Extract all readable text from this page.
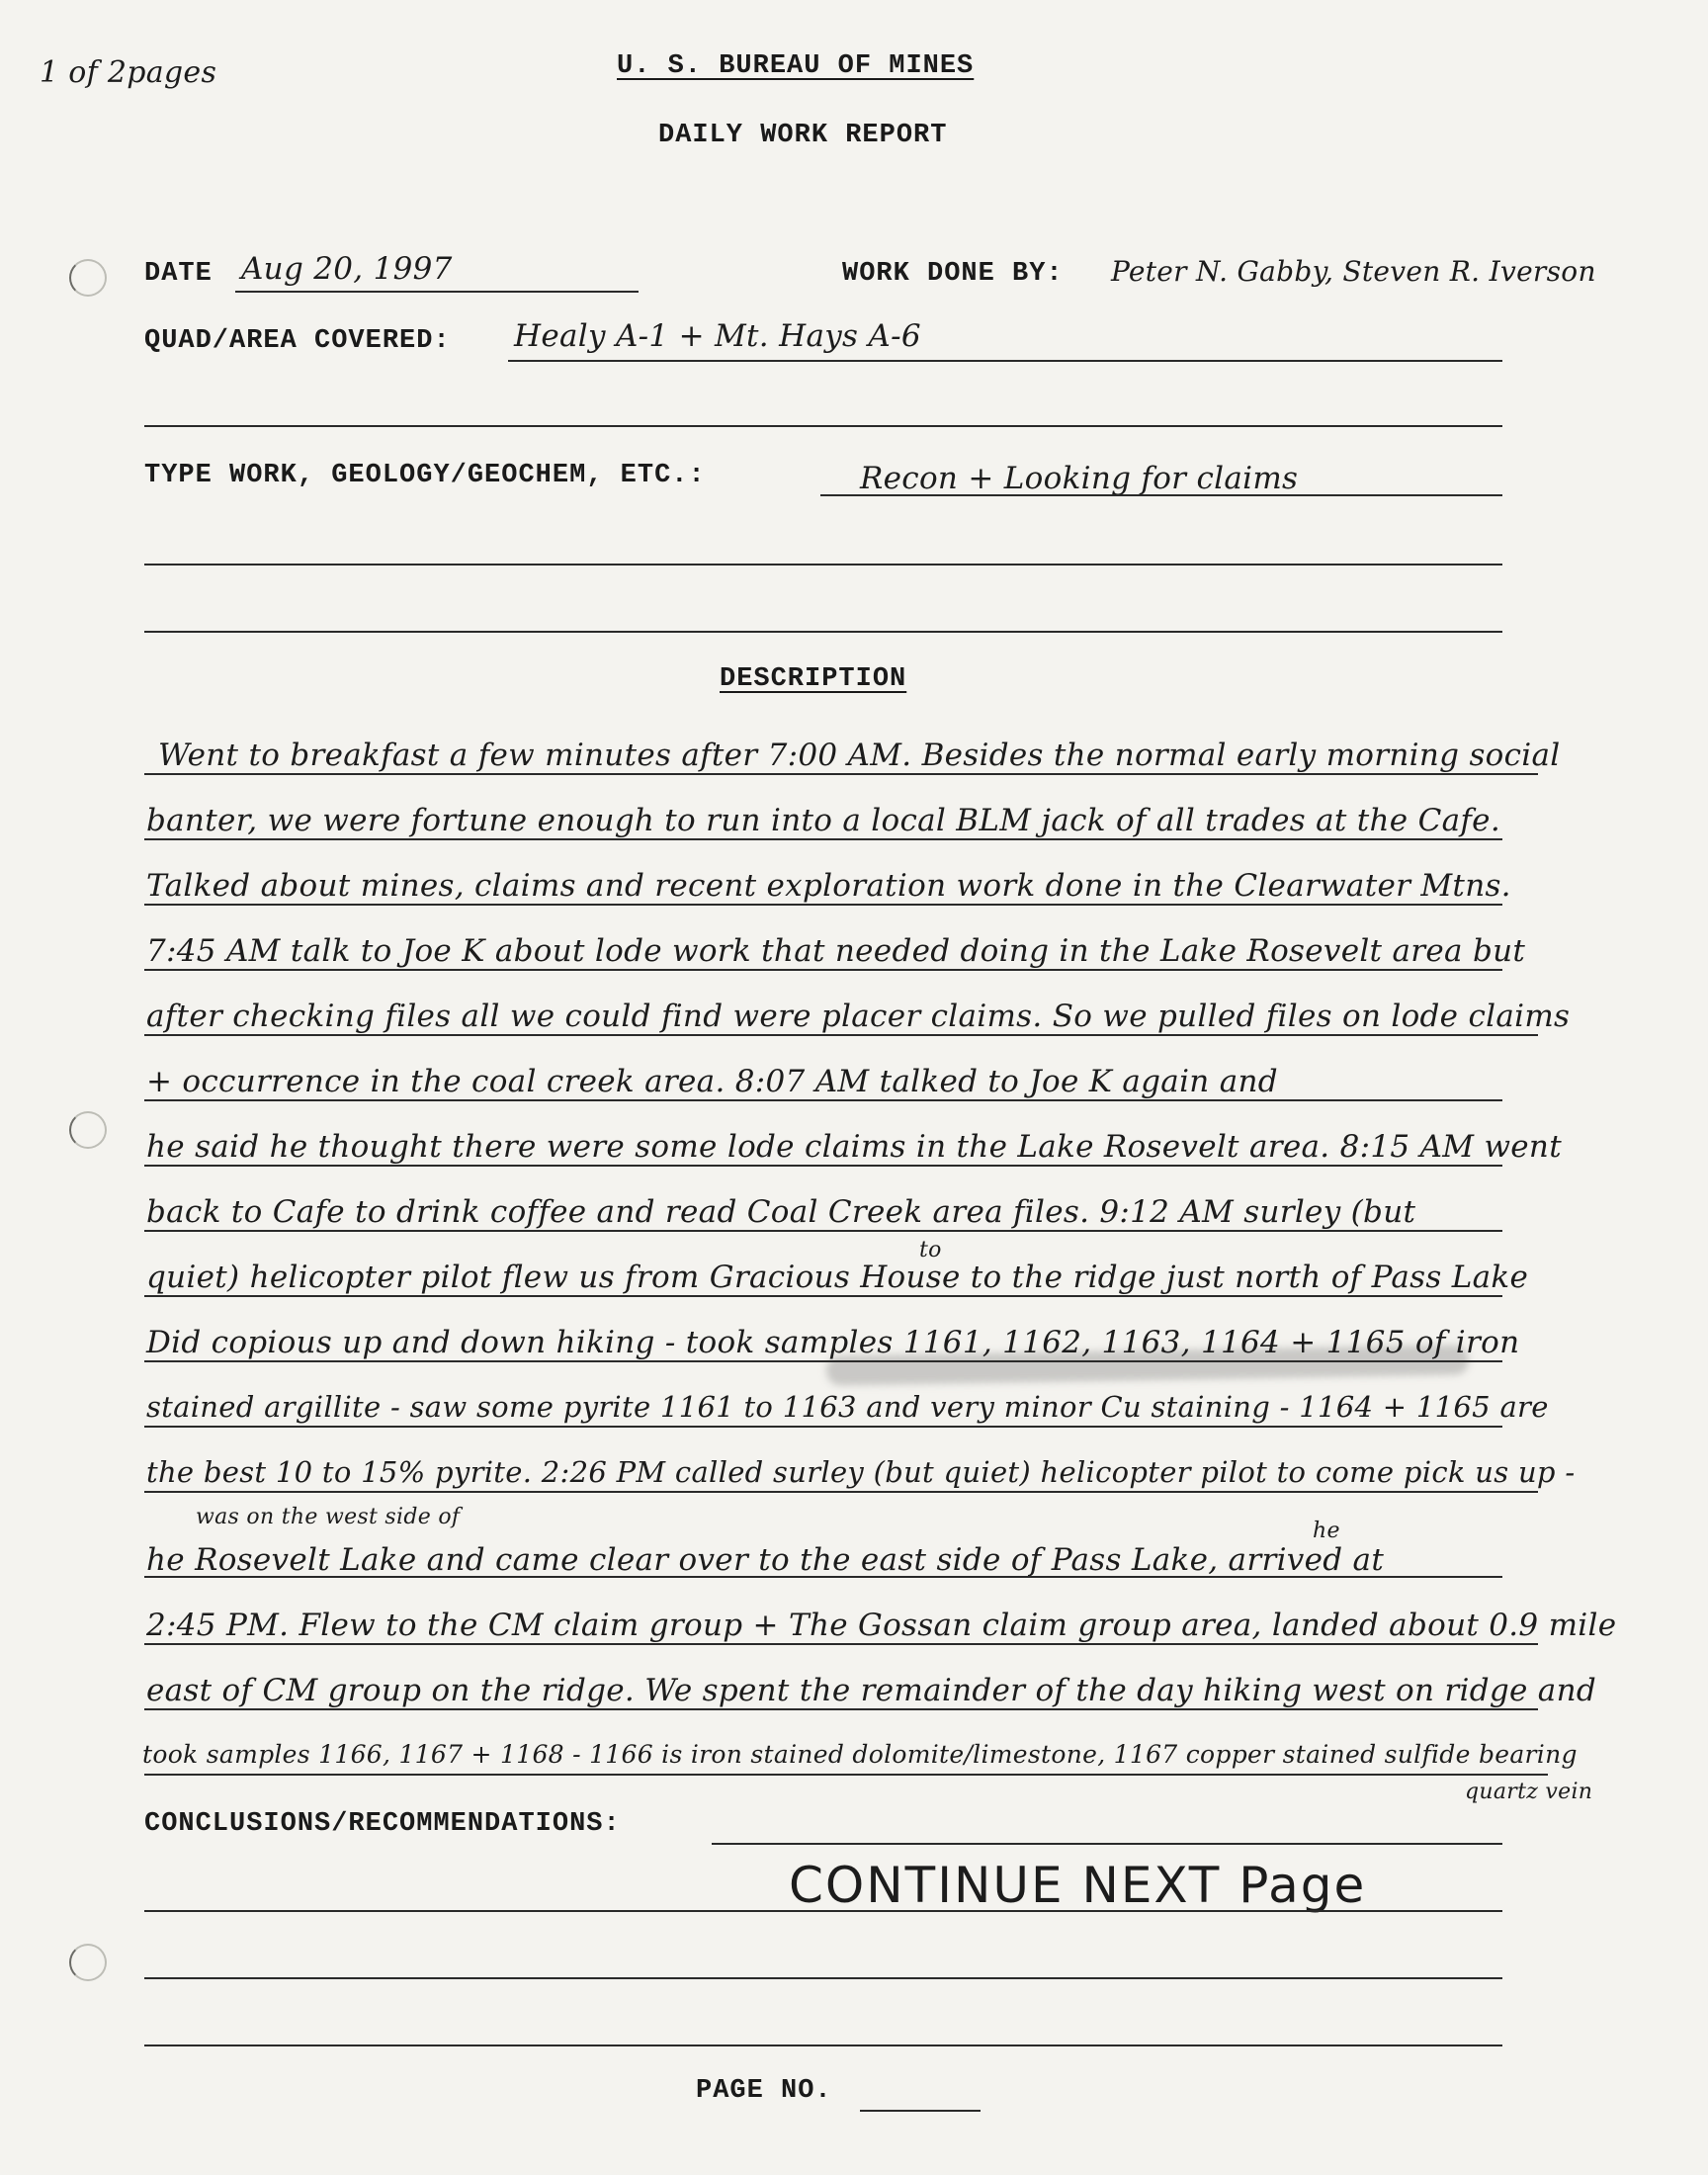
1 of 2pages	U. S. BUREAU OF MINES
DAILY WORK REPORT
DATE Aug 20, 1997	WORK DONE BY: Peter N. Gabby, Steven R. Iverson
QUAD/AREA COVERED: Healy A-1 + Mt. Hays A-6
TYPE WORK, GEOLOGY/GEOCHEM, ETC.:	Recon + Looking for claims
DESCRIPTION
Went to breakfast a few minutes after 7:00 AM. Besides the normal early morning social
banter, we were fortune enough to run into a local BLM jack of all trades at the Cafe.
Talked about mines, claims and recent exploration work done in the Clearwater Mtns.
7:45 AM talk to Joe K about lode work that needed doing in the Lake Rosevelt area but
after checking files all we could find were placer claims. So we pulled files on lode claims
+ occurrence in the coal creek area. 8:07 AM talked to Joe K again and
he said he thought there were some lode claims in the Lake Rosevelt area. 8:15 AM went
back to Cafe to drink coffee and read Coal Creek area files. 9:12 AM surley (but
to
quiet) helicopter pilot flew us from Gracious House to the ridge just north of Pass Lake
Did copious up and down hiking - took samples 1161, 1162, 1163, 1164 + 1165 of iron
stained argillite - saw some pyrite 1161 to 1163 and very minor Cu staining - 1164 + 1165 are
the best 10 to 15% pyrite. 2:26 PM called surley (but quiet) helicopter pilot to come pick us up -
was on the west side of
he
he Rosevelt Lake and came clear over to the east side of Pass Lake, arrived at
2:45 PM. Flew to the CM claim group + The Gossan claim group area, landed about 0.9 mile
east of CM group on the ridge. We spent the remainder of the day hiking west on ridge and
took samples 1166, 1167 + 1168 - 1166 is iron stained dolomite/limestone, 1167 copper stained sulfide bearing
quartz vein
CONCLUSIONS/RECOMMENDATIONS:
CONTINUE NEXT Page
PAGE NO.
